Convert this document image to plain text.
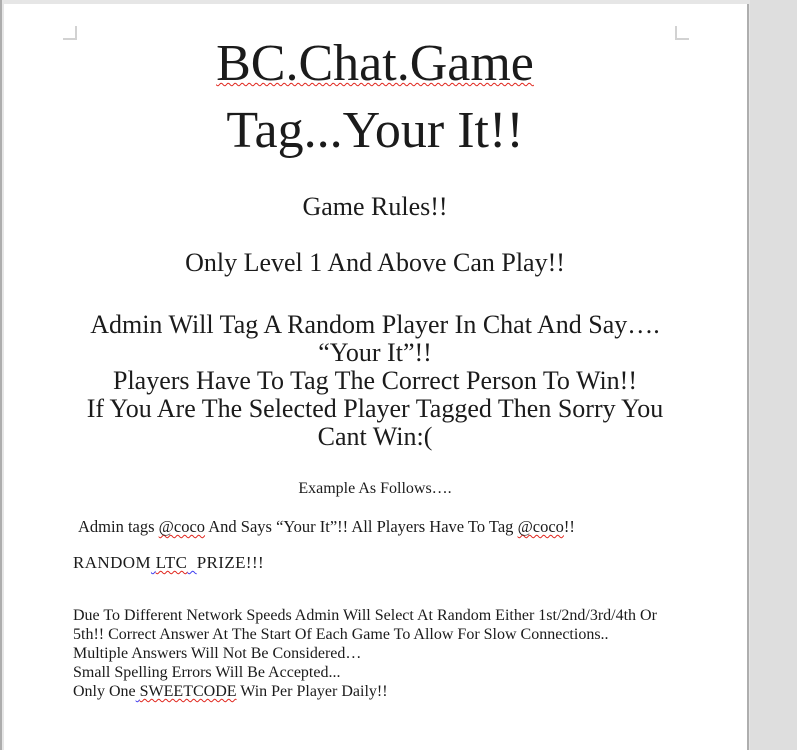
BC.Chat.Game
Tag...Your It!!
Game Rules!!
Only Level 1 And Above Can Play!!
Admin Will Tag A Random Player In Chat And Say….
“Your It”!!
Players Have To Tag The Correct Person To Win!!
If You Are The Selected Player Tagged Then Sorry You
Cant Win:(
Example As Follows….
Admin tags @coco And Says “Your It”!! All Players Have To Tag @coco!!
RANDOM LTC PRIZE!!!
Due To Different Network Speeds Admin Will Select At Random Either 1st/2nd/3rd/4th Or
5th!! Correct Answer At The Start Of Each Game To Allow For Slow Connections..
Multiple Answers Will Not Be Considered…
Small Spelling Errors Will Be Accepted...
Only One SWEETCODE Win Per Player Daily!!
